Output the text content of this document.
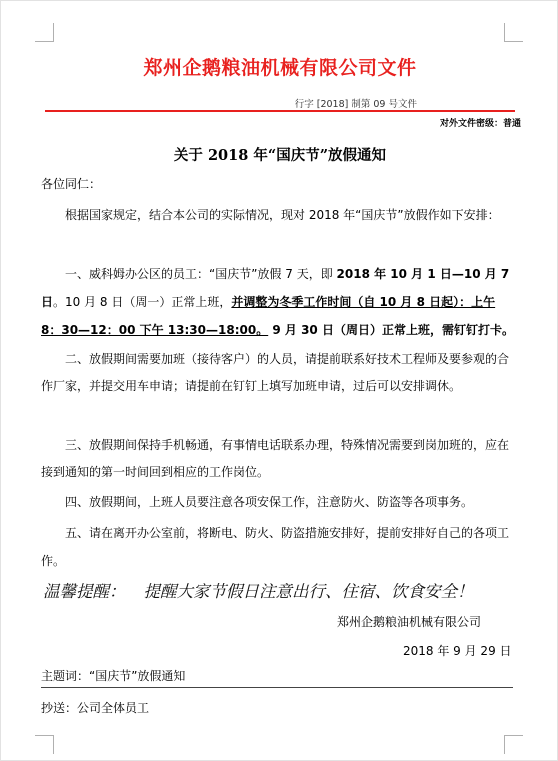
郑州企鹅粮油机械有限公司文件
行字 [2018] 制第 09 号文件
对外文件密级：普通
关于 2018 年“国庆节”放假通知
各位同仁：
根据国家规定，结合本公司的实际情况，现对 2018 年“国庆节”放假作如下安排：
一、威科姆办公区的员工：“国庆节”放假 7 天，即 2018 年 10 月 1 日—10 月 7 日。10 月 8 日（周一）正常上班，并调整为冬季工作时间（自 10 月 8 日起）：上午 8：30—12：00 下午 13:30—18:00。 9 月 30 日（周日）正常上班，需钉钉打卡。
二、放假期间需要加班（接待客户）的人员，请提前联系好技术工程师及要参观的合作厂家，并提交用车申请；请提前在钉钉上填写加班申请，过后可以安排调休。
三、放假期间保持手机畅通，有事情电话联系办理，特殊情况需要到岗加班的，应在接到通知的第一时间回到相应的工作岗位。
四、放假期间，上班人员要注意各项安保工作，注意防火、防盗等各项事务。
五、请在离开办公室前，将断电、防火、防盗措施安排好，提前安排好自己的各项工作。
温馨提醒： 提醒大家节假日注意出行、住宿、饮食安全！
郑州企鹅粮油机械有限公司
2018 年 9 月 29 日
主题词：“国庆节”放假通知
抄送：公司全体员工
